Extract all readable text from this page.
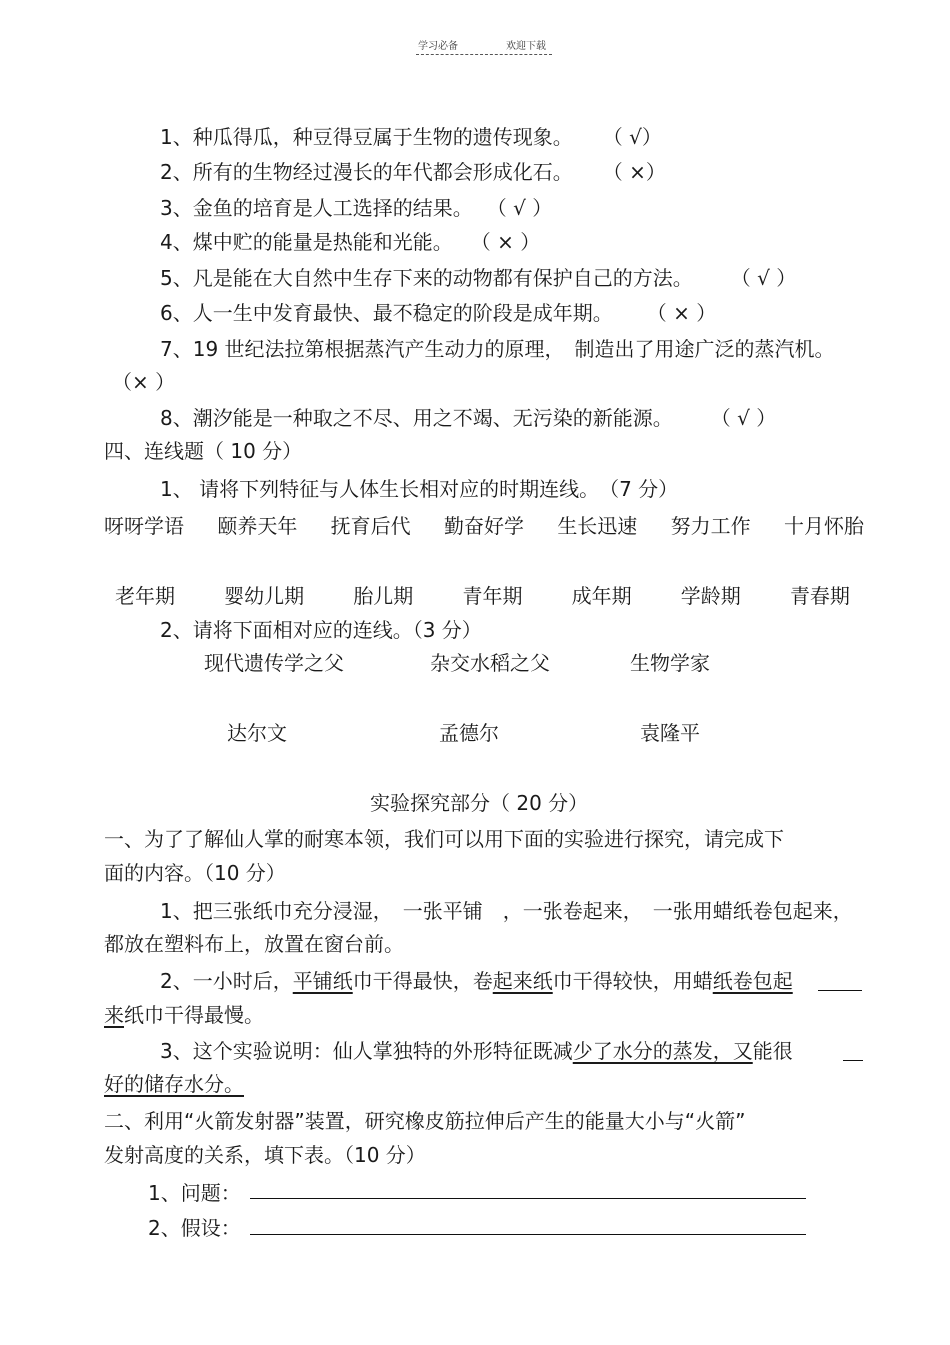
学习必备	欢迎下载
1、种瓜得瓜，种豆得豆属于生物的遗传现象。 （ √）
2、所有的生物经过漫长的年代都会形成化石。 （ ×）
3、金鱼的培育是人工选择的结果。 （ √ ）
4、煤中贮的能量是热能和光能。 （ × ）
5、凡是能在大自然中生存下来的动物都有保护自己的方法。 （ √ ）
6、人一生中发育最快、最不稳定的阶段是成年期。 （ × ）
7、19 世纪法拉第根据蒸汽产生动力的原理，　制造出了用途广泛的蒸汽机。
（× ）
8、潮汐能是一种取之不尽、用之不竭、无污染的新能源。 （ √ ）
四、连线题（ 10 分）
1、 请将下列特征与人体生长相对应的时期连线。　（7 分）
呀呀学语 颐养天年 抚育后代 勤奋好学 生长迅速 努力工作 十月怀胎
老年期 婴幼儿期 胎儿期 青年期 成年期 学龄期 青春期
2、请将下面相对应的连线。（3 分）
现代遗传学之父	杂交水稻之父	生物学家
达尔文	孟德尔	袁隆平
实验探究部分（ 20 分）
一、为了了解仙人掌的耐寒本领，我们可以用下面的实验进行探究，请完成下
面的内容。（10 分）
1、把三张纸巾充分浸湿，　一张平铺　，一张卷起来，　一张用蜡纸卷包起来，
都放在塑料布上，放置在窗台前。
2、一小时后，平铺纸巾干得最快，卷起来纸巾干得较快，用蜡纸卷包起
来纸巾干得最慢。
3、这个实验说明：仙人掌独特的外形特征既减少了水分的蒸发，又能很
好的储存水分。
二、利用“火箭发射器”装置，研究橡皮筋拉伸后产生的能量大小与“火箭”
发射高度的关系，填下表。（10 分）
1、问题：
2、假设：
